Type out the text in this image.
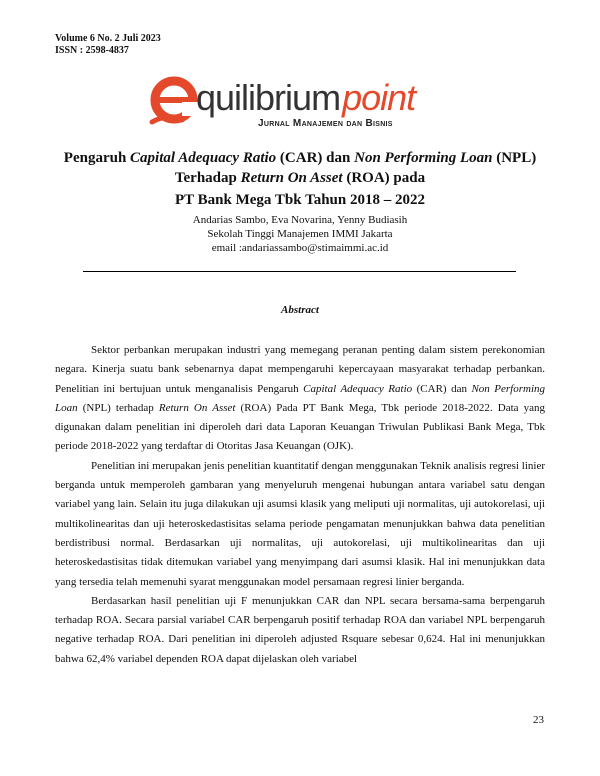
Volume 6 No. 2 Juli 2023
ISSN : 2598-4837
quilibriumpoint
Jurnal Manajemen dan Bisnis
Pengaruh Capital Adequacy Ratio (CAR) dan Non Performing Loan (NPL)
Terhadap Return On Asset (ROA) pada
PT Bank Mega Tbk Tahun 2018 – 2022
Andarias Sambo, Eva Novarina, Yenny Budiasih
Sekolah Tinggi Manajemen IMMI Jakarta
email :andariassambo@stimaimmi.ac.id
Abstract

Sektor perbankan merupakan industri yang memegang peranan penting dalam sistem perekonomian negara. Kinerja suatu bank sebenarnya dapat mempengaruhi kepercayaan masyarakat terhadap perbankan. Penelitian ini bertujuan untuk menganalisis Pengaruh Capital Adequacy Ratio (CAR) dan Non Performing Loan (NPL) terhadap Return On Asset (ROA) Pada PT Bank Mega, Tbk periode 2018-2022. Data yang digunakan dalam penelitian ini diperoleh dari data Laporan Keuangan Triwulan Publikasi Bank Mega, Tbk periode 2018-2022 yang terdaftar di Otoritas Jasa Keuangan (OJK).

Penelitian ini merupakan jenis penelitian kuantitatif dengan menggunakan Teknik analisis regresi linier berganda untuk memperoleh gambaran yang menyeluruh mengenai hubungan antara variabel satu dengan variabel yang lain. Selain itu juga dilakukan uji asumsi klasik yang meliputi uji normalitas, uji autokorelasi, uji multikolinearitas dan uji heteroskedastisitas selama periode pengamatan menunjukkan bahwa data penelitian berdistribusi normal. Berdasarkan uji normalitas, uji autokorelasi, uji multikolinearitas dan uji heteroskedastisitas tidak ditemukan variabel yang menyimpang dari asumsi klasik. Hal ini menunjukkan data yang tersedia telah memenuhi syarat menggunakan model persamaan regresi linier berganda.

Berdasarkan hasil penelitian uji F menunjukkan CAR dan NPL secara bersama-sama berpengaruh terhadap ROA. Secara parsial variabel CAR berpengaruh positif terhadap ROA dan variabel NPL berpengaruh negative terhadap ROA. Dari penelitian ini diperoleh adjusted Rsquare sebesar 0,624. Hal ini menunjukkan bahwa 62,4% variabel dependen ROA dapat dijelaskan oleh variabel

23
